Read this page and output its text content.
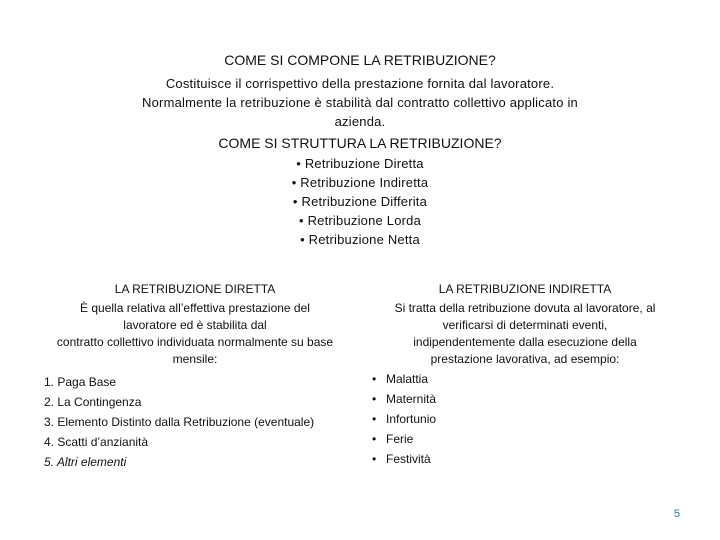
COME SI COMPONE LA RETRIBUZIONE?
Costituisce il corrispettivo della prestazione fornita dal lavoratore.
Normalmente la retribuzione è stabilità dal contratto collettivo applicato in
azienda.
COME SI STRUTTURA LA RETRIBUZIONE?
• Retribuzione Diretta
• Retribuzione Indiretta
• Retribuzione Differita
• Retribuzione Lorda
• Retribuzione Netta
LA RETRIBUZIONE DIRETTA
È quella relativa all’effettiva prestazione del
lavoratore ed è stabilita dal
contratto collettivo individuata normalmente su base
mensile:
1. Paga Base
2. La Contingenza
3. Elemento Distinto dalla Retribuzione (eventuale)
4. Scatti d’anzianità
5. Altri elementi
LA RETRIBUZIONE INDIRETTA
Si tratta della retribuzione dovuta al lavoratore, al
verificarsi di determinati eventi,
indipendentemente dalla esecuzione della
prestazione lavorativa, ad esempio:
• Malattia
• Maternità
• Infortunio
• Ferie
• Festività
5
